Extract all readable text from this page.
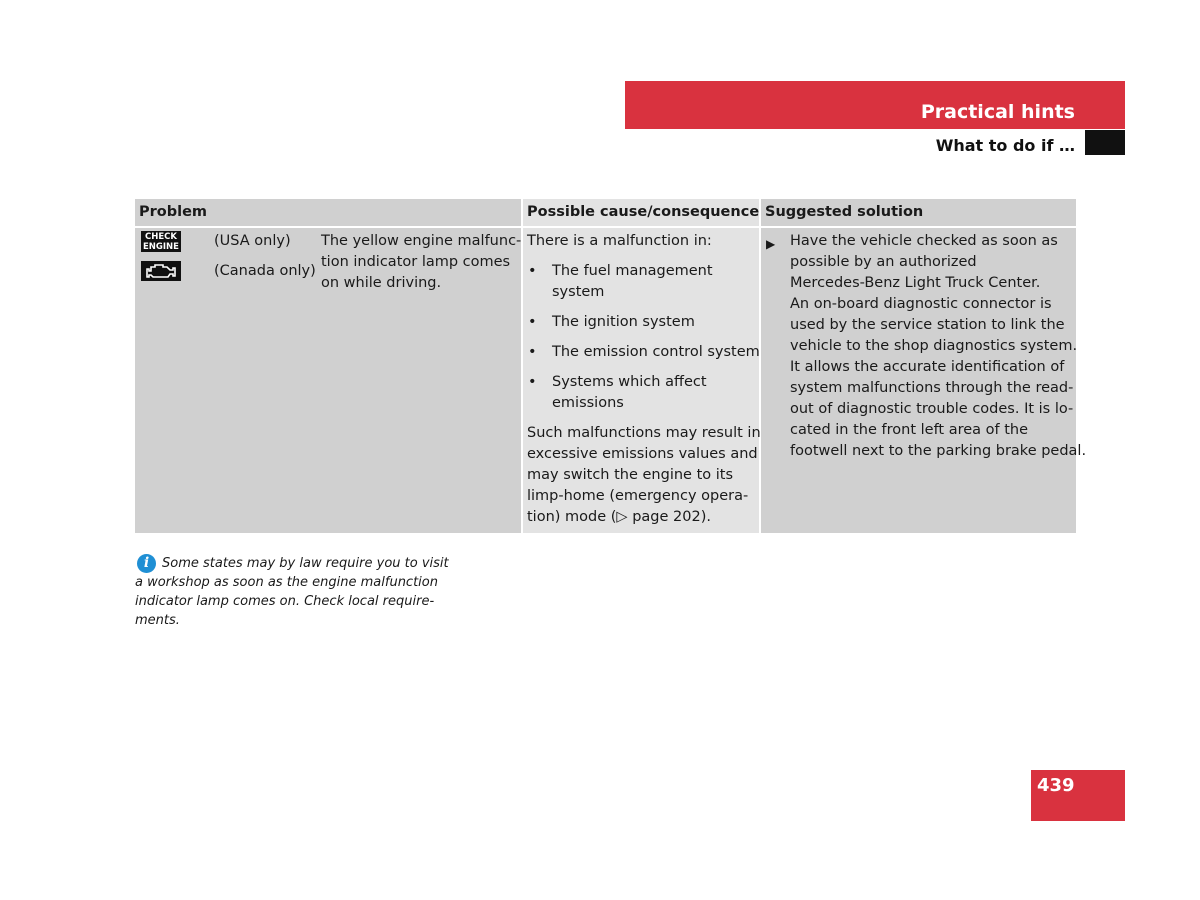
Practical hints
What to do if …
Problem	Possible cause/consequence Suggested solution
CHECK
ENGINE (USA only)
(Canada only)
The yellow engine malfunc-
tion indicator lamp comes
on while driving.
There is a malfunction in:
• The fuel management
system
• The ignition system
• The emission control system
• Systems which affect
emissions
Such malfunctions may result in
excessive emissions values and
may switch the engine to its
limp-home (emergency opera-
tion) mode (▷ page 202).
▶ Have the vehicle checked as soon as
possible by an authorized
Mercedes-Benz Light Truck Center.
An on-board diagnostic connector is
used by the service station to link the
vehicle to the shop diagnostics system.
It allows the accurate identification of
system malfunctions through the read-
out of diagnostic trouble codes. It is lo-
cated in the front left area of the
footwell next to the parking brake pedal.
i Some states may by law require you to visit
a workshop as soon as the engine malfunction
indicator lamp comes on. Check local require-
ments.
439
